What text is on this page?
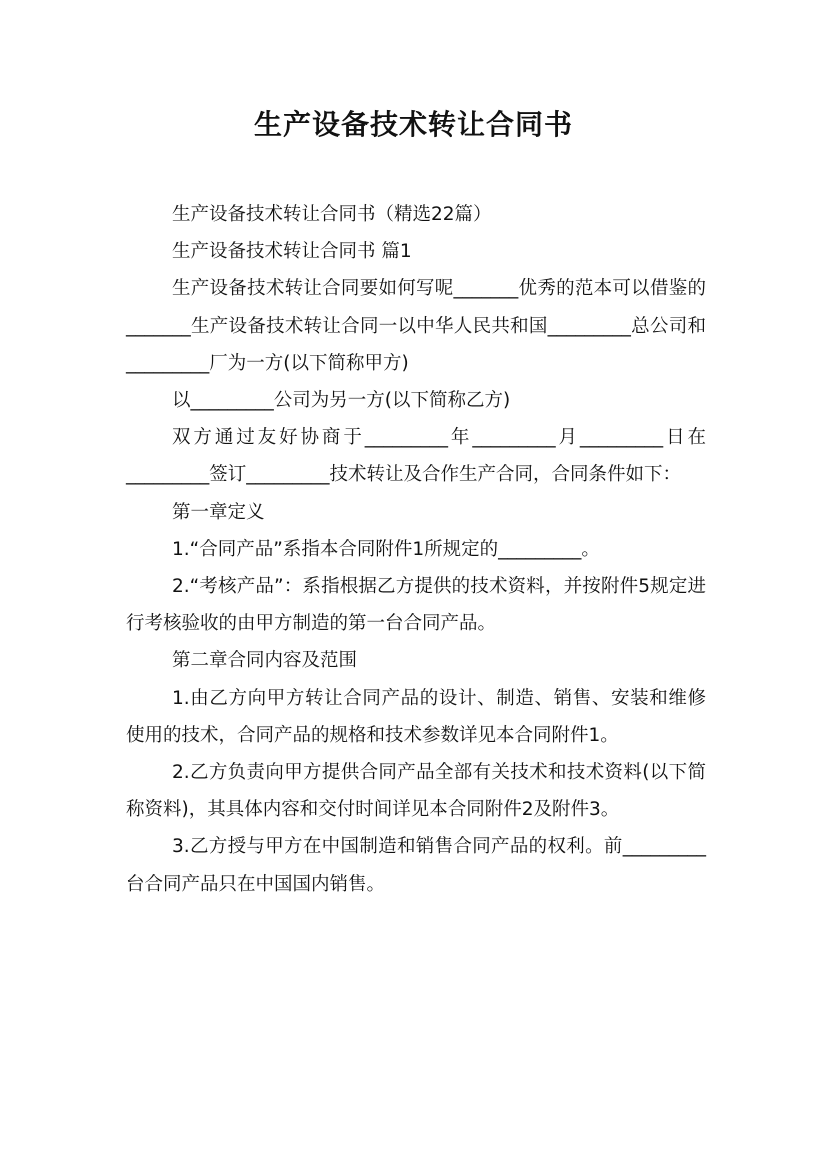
生产设备技术转让合同书

生产设备技术转让合同书（精选22篇）

生产设备技术转让合同书 篇1

生产设备技术转让合同要如何写呢_______优秀的范本可以借鉴的_______生产设备技术转让合同一以中华人民共和国_________总公司和_________厂为一方(以下简称甲方)

以_________公司为另一方(以下简称乙方)

双方通过友好协商于_________年_________月_________日在_________签订_________技术转让及合作生产合同，合同条件如下：

第一章定义

1.“合同产品”系指本合同附件1所规定的_________。

2.“考核产品”：系指根据乙方提供的技术资料，并按附件5规定进行考核验收的由甲方制造的第一台合同产品。

第二章合同内容及范围

1.由乙方向甲方转让合同产品的设计、制造、销售、安装和维修使用的技术，合同产品的规格和技术参数详见本合同附件1。

2.乙方负责向甲方提供合同产品全部有关技术和技术资料(以下简称资料)，其具体内容和交付时间详见本合同附件2及附件3。

3.乙方授与甲方在中国制造和销售合同产品的权利。前_________台合同产品只在中国国内销售。
